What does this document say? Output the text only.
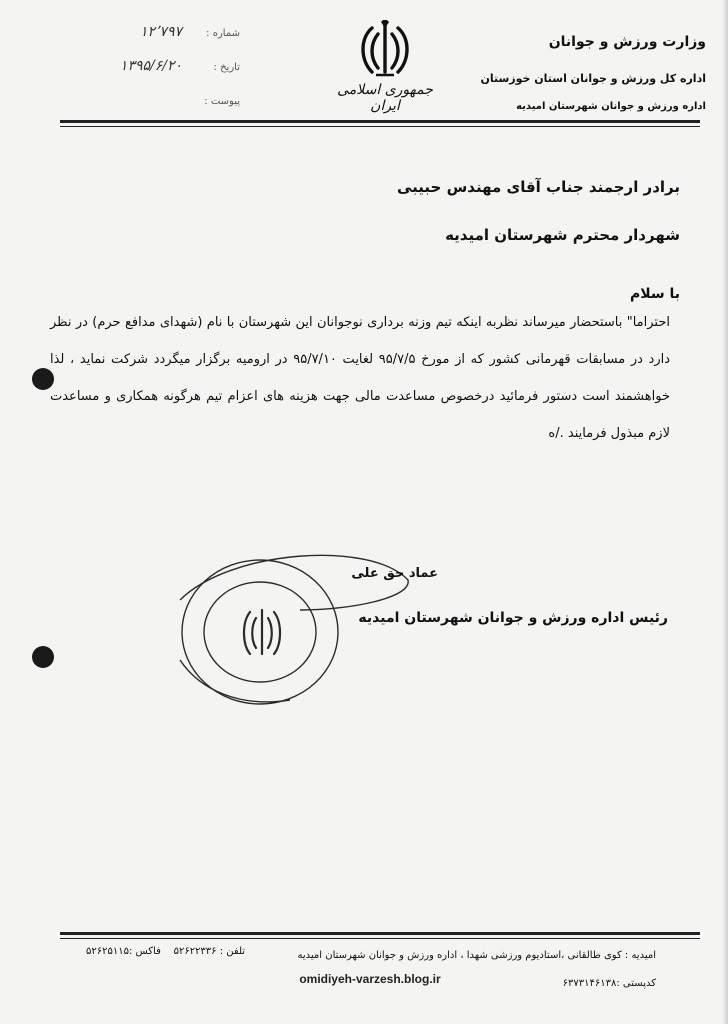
وزارت ورزش و جوانان
اداره کل ورزش و جوانان استان خوزستان
اداره ورزش و جوانان شهرستان امیدیه
جمهوری اسلامی ایران
شماره :
۱۲٬۷۹۷
تاریخ :
۱۳۹۵/۶/۲۰
پیوست :
برادر ارجمند جناب آقای مهندس حبیبی
شهردار محترم شهرستان امیدیه
با سلام
احتراما" باستحضار میرساند نظربه اینکه تیم وزنه برداری نوجوانان این شهرستان با نام (شهدای مدافع حرم) در نظر دارد در مسابقات قهرمانی کشور که از مورخ ۹۵/۷/۵ لغایت ۹۵/۷/۱۰ در ارومیه برگزار میگردد شرکت نماید ، لذا خواهشمند است دستور فرمائید درخصوص مساعدت مالی جهت هزینه های اعزام تیم هرگونه همکاری و مساعدت لازم مبذول فرمایند ./ه
عماد حق علی
رئیس اداره ورزش و جوانان شهرستان امیدیه
امیدیه : کوی طالقانی ،استادیوم ورزشی شهدا ، اداره ورزش و جوانان شهرستان امیدیه
تلفن : ۵۲۶۲۲۳۳۶    فاکس :۵۲۶۲۵۱۱۵
omidiyeh-varzesh.blog.ir	کدپستی :۶۳۷۳۱۴۶۱۳۸
